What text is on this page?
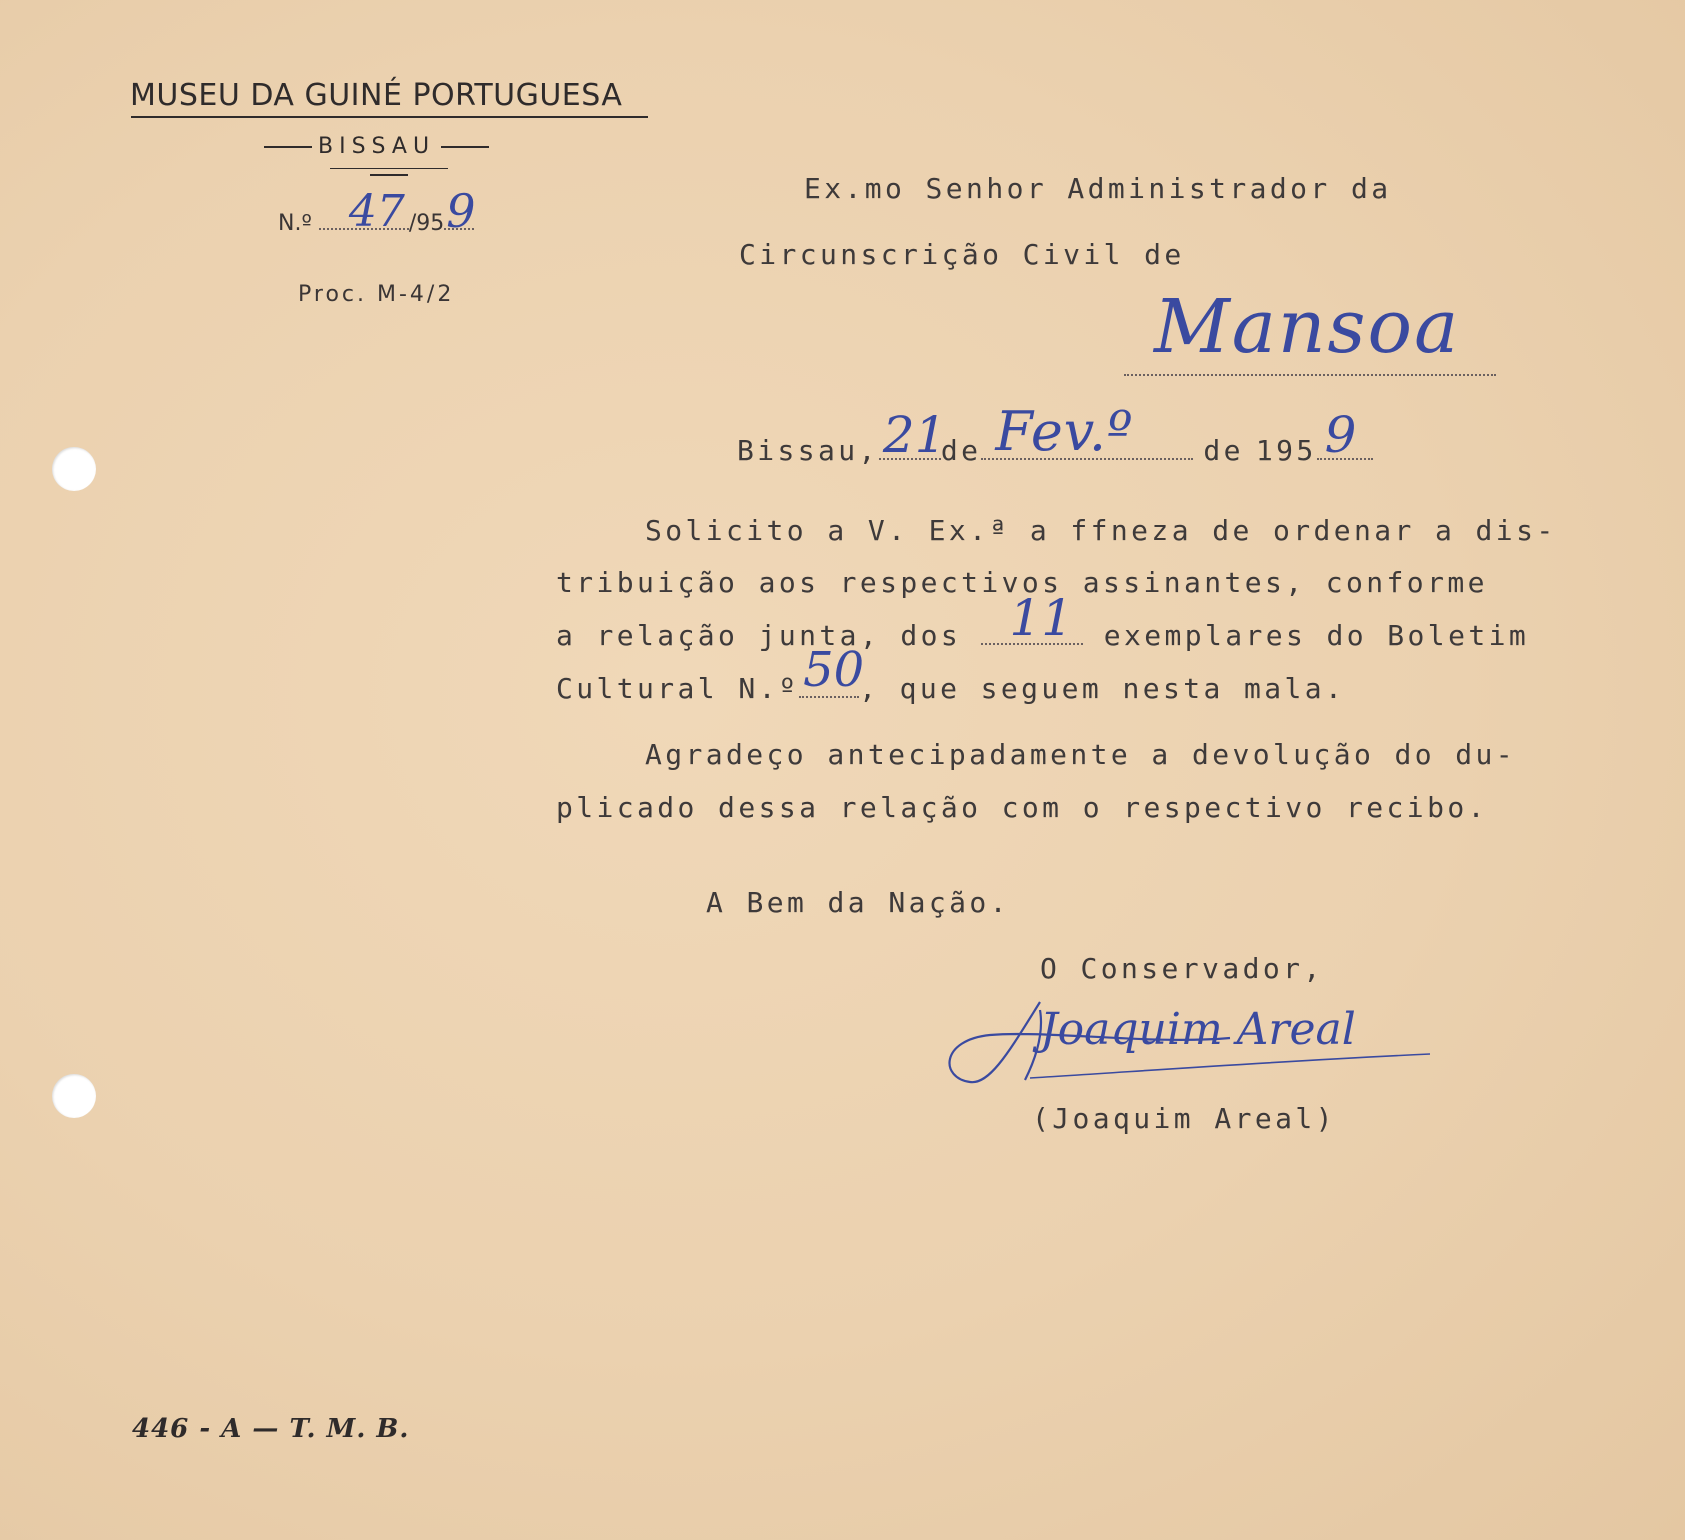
MUSEU DA GUINÉ PORTUGUESA
BISSAU
N.º 47 /95 9
Proc. M-4/2
Ex.mo Senhor Administrador da
Circunscrição Civil de
Mansoa
Bissau, 21
de Fev.º de 195 9
Solicito a V. Ex.ª a ffneza de ordenar a dis-
tribuição aos respectivos assinantes, conforme
a relação junta, dos 11 exemplares do Boletim
Cultural N.º 50
, que seguem nesta mala.
Agradeço antecipadamente a devolução do du-
plicado dessa relação com o respectivo recibo.
A Bem da Nação.
O Conservador,
Joaquim Areal
(Joaquim Areal)
446 - A — T. M. B.
